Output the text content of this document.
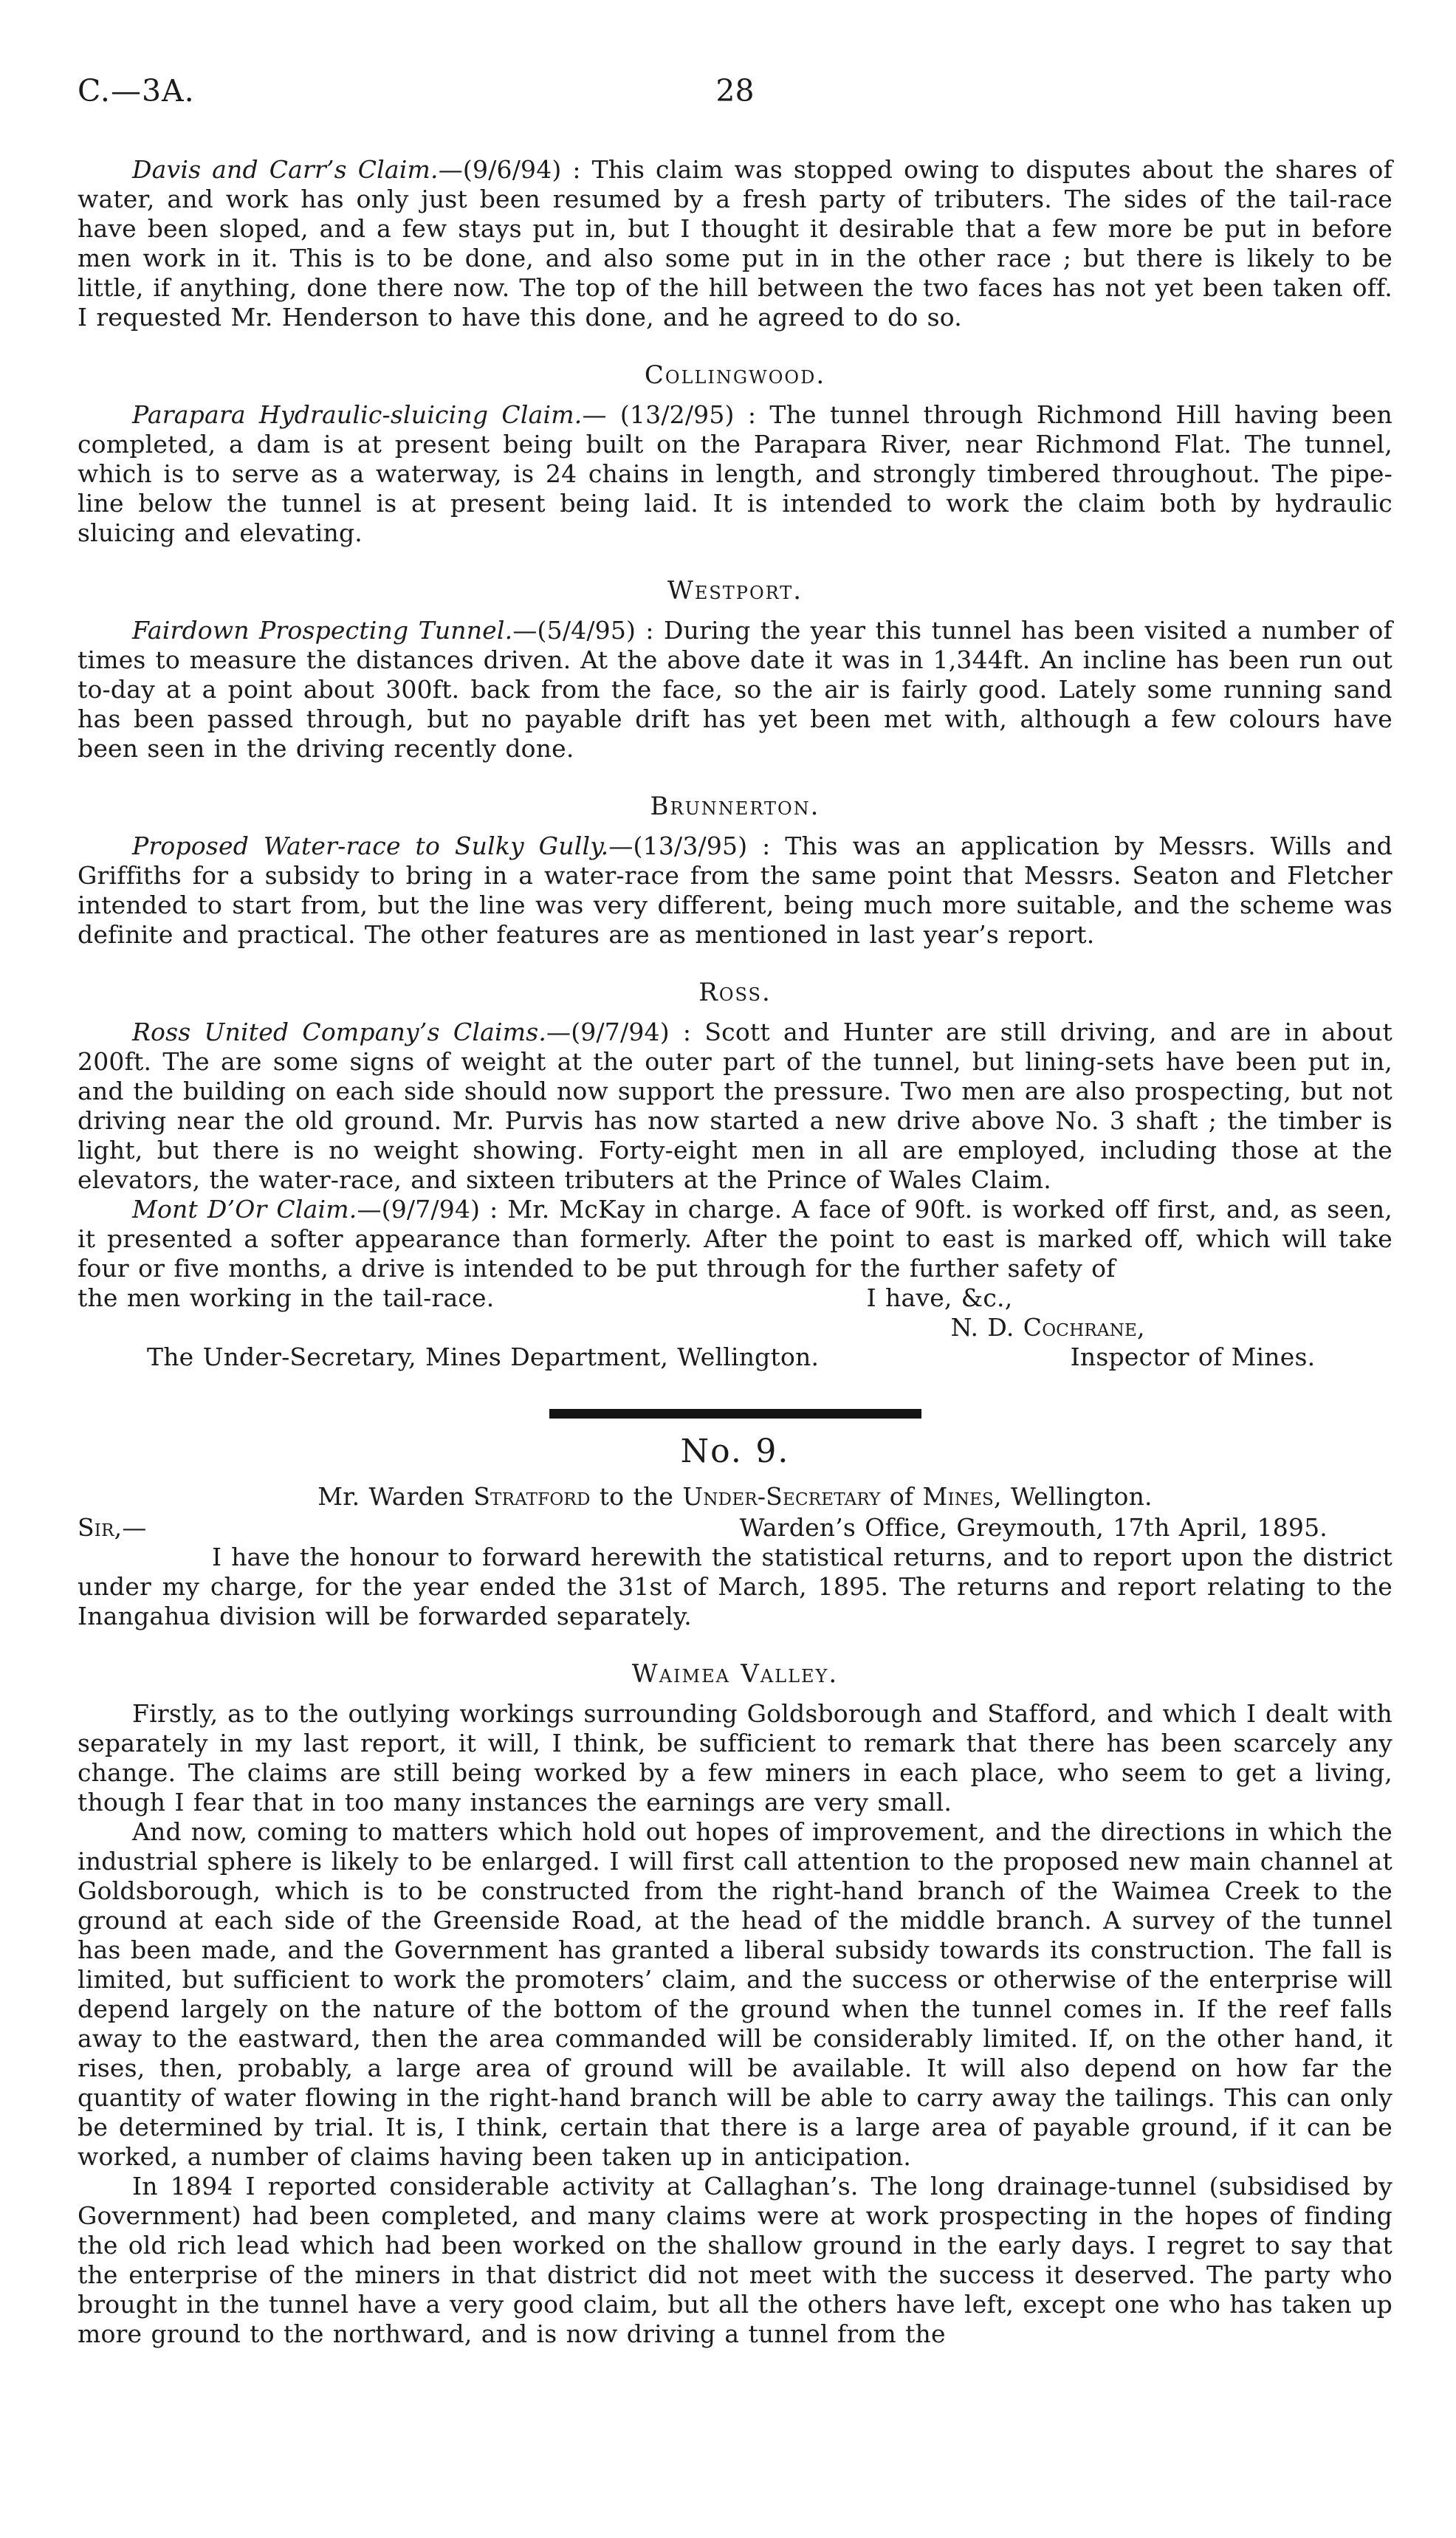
C.—3A.	28

Davis and Carr’s Claim.—(9/6/94) : This claim was stopped owing to disputes about the shares of water, and work has only just been resumed by a fresh party of tributers. The sides of the tail-race have been sloped, and a few stays put in, but I thought it desirable that a few more be put in before men work in it. This is to be done, and also some put in in the other race ; but there is likely to be little, if anything, done there now. The top of the hill between the two faces has not yet been taken off. I requested Mr. Henderson to have this done, and he agreed to do so.

Collingwood.

Parapara Hydraulic-sluicing Claim.— (13/2/95) : The tunnel through Richmond Hill having been completed, a dam is at present being built on the Parapara River, near Richmond Flat. The tunnel, which is to serve as a waterway, is 24 chains in length, and strongly timbered throughout. The pipe-line below the tunnel is at present being laid. It is intended to work the claim both by hydraulic sluicing and elevating.

Westport.

Fairdown Prospecting Tunnel.—(5/4/95) : During the year this tunnel has been visited a number of times to measure the distances driven. At the above date it was in 1,344ft. An incline has been run out to-day at a point about 300ft. back from the face, so the air is fairly good. Lately some running sand has been passed through, but no payable drift has yet been met with, although a few colours have been seen in the driving recently done.

Brunnerton.

Proposed Water-race to Sulky Gully.—(13/3/95) : This was an application by Messrs. Wills and Griffiths for a subsidy to bring in a water-race from the same point that Messrs. Seaton and Fletcher intended to start from, but the line was very different, being much more suitable, and the scheme was definite and practical. The other features are as mentioned in last year’s report.

Ross.

Ross United Company’s Claims.—(9/7/94) : Scott and Hunter are still driving, and are in about 200ft. The are some signs of weight at the outer part of the tunnel, but lining-sets have been put in, and the building on each side should now support the pressure. Two men are also prospecting, but not driving near the old ground. Mr. Purvis has now started a new drive above No. 3 shaft ; the timber is light, but there is no weight showing. Forty-eight men in all are employed, including those at the elevators, the water-race, and sixteen tributers at the Prince of Wales Claim.

Mont D’Or Claim.—(9/7/94) : Mr. McKay in charge. A face of 90ft. is worked off first, and, as seen, it presented a softer appearance than formerly. After the point to east is marked off, which will take four or five months, a drive is intended to be put through for the further safety of

the men working in the tail-race.	I have, &c.,
N. D. Cochrane,
The Under-Secretary, Mines Department, Wellington.	Inspector of Mines.
No. 9.
Mr. Warden Stratford to the Under-Secretary of Mines, Wellington.
Sir,—	Warden’s Office, Greymouth, 17th April, 1895.

I have the honour to forward herewith the statistical returns, and to report upon the district under my charge, for the year ended the 31st of March, 1895. The returns and report relating to the Inangahua division will be forwarded separately.

Waimea Valley.

Firstly, as to the outlying workings surrounding Goldsborough and Stafford, and which I dealt with separately in my last report, it will, I think, be sufficient to remark that there has been scarcely any change. The claims are still being worked by a few miners in each place, who seem to get a living, though I fear that in too many instances the earnings are very small.

And now, coming to matters which hold out hopes of improvement, and the directions in which the industrial sphere is likely to be enlarged. I will first call attention to the proposed new main channel at Goldsborough, which is to be constructed from the right-hand branch of the Waimea Creek to the ground at each side of the Greenside Road, at the head of the middle branch. A survey of the tunnel has been made, and the Government has granted a liberal subsidy towards its construction. The fall is limited, but sufficient to work the promoters’ claim, and the success or otherwise of the enterprise will depend largely on the nature of the bottom of the ground when the tunnel comes in. If the reef falls away to the eastward, then the area commanded will be considerably limited. If, on the other hand, it rises, then, probably, a large area of ground will be available. It will also depend on how far the quantity of water flowing in the right-hand branch will be able to carry away the tailings. This can only be determined by trial. It is, I think, certain that there is a large area of payable ground, if it can be worked, a number of claims having been taken up in anticipation.

In 1894 I reported considerable activity at Callaghan’s. The long drainage-tunnel (subsidised by Government) had been completed, and many claims were at work prospecting in the hopes of finding the old rich lead which had been worked on the shallow ground in the early days. I regret to say that the enterprise of the miners in that district did not meet with the success it deserved. The party who brought in the tunnel have a very good claim, but all the others have left, except one who has taken up more ground to the northward, and is now driving a tunnel from the
